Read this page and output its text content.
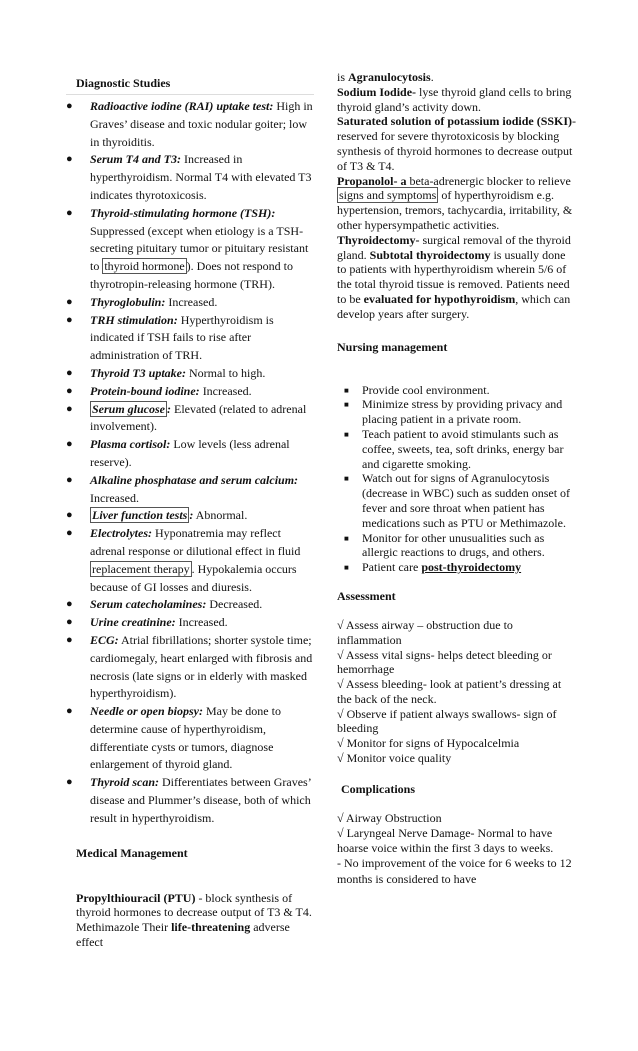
Diagnostic Studies
●	Radioactive iodine (RAI) uptake test: High in Graves’ disease and toxic nodular goiter; low in thyroiditis.
●	Serum T4 and T3: Increased in hyperthyroidism. Normal T4 with elevated T3 indicates thyrotoxicosis.
●	Thyroid-stimulating hormone (TSH): Suppressed (except when etiology is a TSH-secreting pituitary tumor or pituitary resistant to thyroid hormone ). Does not respond to thyrotropin-releasing hormone (TRH).
●	Thyroglobulin: Increased.
●	TRH stimulation: Hyperthyroidism is indicated if TSH fails to rise after administration of TRH.
●	Thyroid T3 uptake: Normal to high.
●	Protein-bound iodine: Increased.
●	Serum glucose : Elevated (related to adrenal involvement).
●	Plasma cortisol: Low levels (less adrenal reserve).
●	Alkaline phosphatase and serum calcium: Increased.
●	Liver function tests : Abnormal.
●	Electrolytes: Hyponatremia may reflect adrenal response or dilutional effect in fluid replacement therapy . Hypokalemia occurs because of GI losses and diuresis.
●	Serum catecholamines: Decreased.
●	Urine creatinine: Increased.
●	ECG: Atrial fibrillations; shorter systole time; cardiomegaly, heart enlarged with fibrosis and necrosis (late signs or in elderly with masked hyperthyroidism).
●	Needle or open biopsy: May be done to determine cause of hyperthyroidism, differentiate cysts or tumors, diagnose enlargement of thyroid gland.
●	Thyroid scan: Differentiates between Graves’ disease and Plummer’s disease, both of which result in hyperthyroidism.
Medical Management
Propylthiouracil (PTU) - block synthesis of thyroid hormones to decrease output of T3 & T4.
Methimazole Their life-threatening adverse effect

is Agranulocytosis.

Sodium Iodide- lyse thyroid gland cells to bring thyroid gland’s activity down.

Saturated solution of potassium iodide (SSKI)- reserved for severe thyrotoxicosis by blocking synthesis of thyroid hormones to decrease output of T3 & T4.

Propanolol- a beta-adrenergic blocker to relieve signs and symptoms of hyperthyroidism e.g. hypertension, tremors, tachycardia, irritability, & other hypersympathetic activities.

Thyroidectomy- surgical removal of the thyroid gland. Subtotal thyroidectomy is usually done to patients with hyperthyroidism wherein 5/6 of the total thyroid tissue is removed. Patients need to be evaluated for hypothyroidism, which can develop years after surgery.

Nursing management
■ Provide cool environment.
■ Minimize stress by providing privacy and placing patient in a private room.
■ Teach patient to avoid stimulants such as coffee, sweets, tea, soft drinks, energy bar and cigarette smoking.
■ Watch out for signs of Agranulocytosis (decrease in WBC) such as sudden onset of fever and sore throat when patient has medications such as PTU or Methimazole.
■ Monitor for other unusualities such as allergic reactions to drugs, and others.
■ Patient care post-thyroidectomy
Assessment
√ Assess airway – obstruction due to inflammation
√ Assess vital signs- helps detect bleeding or hemorrhage
√ Assess bleeding- look at patient’s dressing at the back of the neck.
√ Observe if patient always swallows- sign of bleeding
√ Monitor for signs of Hypocalcelmia
√ Monitor voice quality
Complications
√ Airway Obstruction
√ Laryngeal Nerve Damage- Normal to have hoarse voice within the first 3 days to weeks.
- No improvement of the voice for 6 weeks to 12 months is considered to have
